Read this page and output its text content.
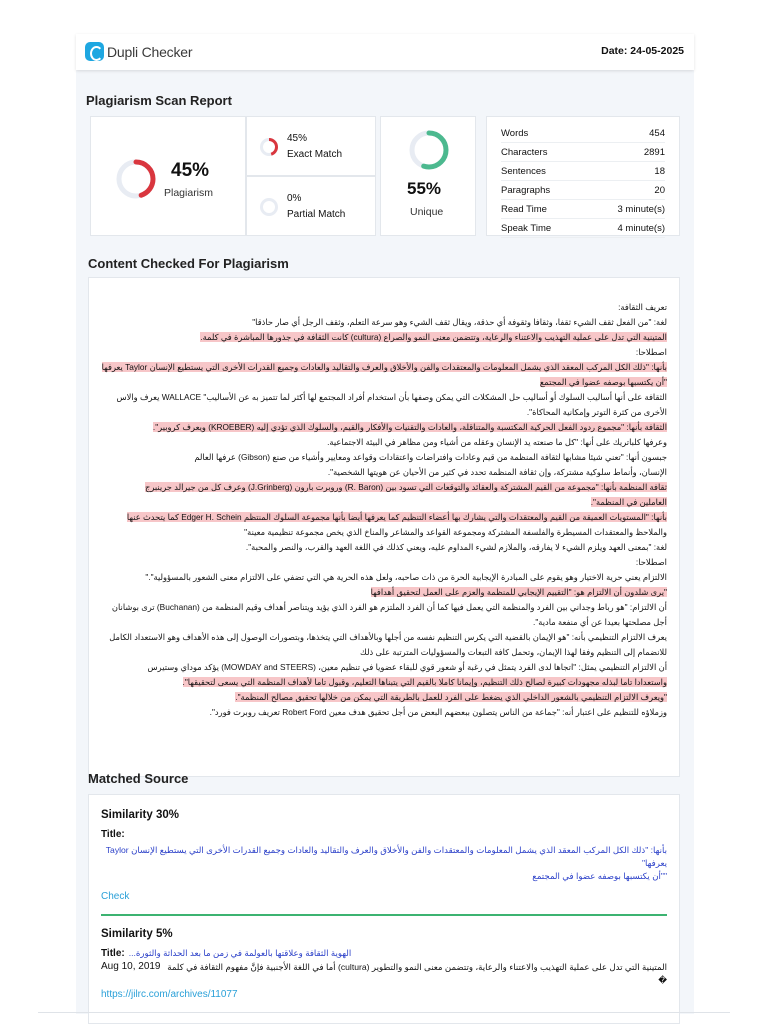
Dupli Checker	Date: 24-05-2025
Plagiarism Scan Report
45%
Plagiarism
45%
Exact Match
0%
Partial Match
55%
Unique
Words	454
Characters	2891
Sentences	18
Paragraphs	20
Read Time	3 minute(s)
Speak Time	4 minute(s)
Content Checked For Plagiarism
تعريف الثقافة:
لغة: "من الفعل ثقف الشيء ثقفا، وثقافا وثقوفة أي حذقة، ويقال ثقف الشيء وهو سرعة التعلم، وثقف الرجل أي صار حاذقا"
المتينية التي تدل على عملية التهذيب والاعتناء والرعاية، وتتضمن معنى النمو والصراع (cultura) كانت الثقافة في جذورها المباشرة في كلمة.
اصطلاحا:
بأنها: "ذلك الكل المركب المعقد الذي يشمل المعلومات والمعتقدات والفن والأخلاق والعرف والتقاليد والعادات وجميع القدرات الأخرى التي يستطيع الإنسان Taylor يعرفها
"أن يكتسبها بوصفه عضوا في المجتمع
الثقافة على أنها أساليب السلوك أو أساليب حل المشكلات التي يمكن وصفها بأن استخدام أفراد المجتمع لها أكثر لما تتميز به عن الأساليب" WALLACE يعرف والاس
الأخرى من كثرة التوتر وإمكانية المحاكاة".
الثقافة بأنها: "مجموع ردود الفعل الحركية المكتسبة والمتناقلة، والعادات والتقنيات والأفكار والقيم، والسلوك الذي تؤدي إليه (KROEBER) ويعرف كروبير".
وعرفها كلباتريك على أنها: "كل ما صنعته يد الإنسان وعقله من أشياء ومن مظاهر في البيئة الاجتماعية.
جبسون أنها: "تعني شيئا مشابها لثقافة المنظمة من قيم وعادات وافتراضات واعتقادات وقواعد ومعايير وأشياء من صنع (Gibson) عرفها العالم
الإنسان، وأنماط سلوكية مشتركة، وإن ثقافة المنظمة تحدد في كثير من الأحيان عن هويتها الشخصية".
ثقافة المنظمة بأنها: "مجموعة من القيم المشتركة والعقائد والتوقعات التي تسود بين (R. Baron) وروبرت بارون (J.Grinberg) وعرف كل من جيرالد جرينبرج
العاملين في المنظمة".
بأنها: "المستويات العميقة من القيم والمعتقدات والتي يشارك بها أعضاء التنظيم كما يعرفها أيضا بأنها مجموعة السلوك المنتظم Edger H. Schein كما يتحدث عنها
والملاحظ والمعتقدات المسيطرة والفلسفة المشتركة ومجموعة القواعد والمشاعر والمناخ الذي يخص مجموعة تنظيمية معينة"
لغة: "بمعنى العهد ويلزم الشيء لا يفارقه، والملازم لشيء المداوم عليه، ويعني كذلك في اللغة العهد والقرب، والنصر والمحبة".
اصطلاحا:
الالتزام يعني حرية الاختيار وهو يقوم على المبادرة الإيجابية الحرة من ذات صاحبه، ولعل هذه الحرية هي التي تضفي على الالتزام معنى الشعور بالمسؤولية"."
"يرى شلدون أن الالتزام هو: "التقييم الإيجابي للمنظمة والعزم على العمل لتحقيق أهدافها
أن الالتزام: "هو رباط وجداني بين الفرد والمنظمة التي يعمل فيها كما أن الفرد الملتزم هو الفرد الذي يؤيد ويتناصر أهداف وقيم المنظمة من (Buchanan) ترى بوشانان
أجل مصلحتها بعيدا عن أي منفعة مادية".
يعرف الالتزام التنظيمي بأنه: "هو الإيمان بالقضية التي يكرس التنظيم نفسه من أجلها وبالأهداف التي يتخذها، وبتصورات الوصول إلى هذه الأهداف وهو الاستعداد الكامل
للانضمام إلى التنظيم وفقا لهذا الإيمان، وتحمل كافة التبعات والمسؤوليات المترتبة على ذلك
أن الالتزام التنظيمي يمثل: "اتجاها لدى الفرد يتمثل في رغبة أو شعور قوي للبقاء عضويا في تنظيم معين، (MOWDAY and STEERS) يؤكد موداي وستيرس
واستعدادا تاما لبذله مجهودات كبيرة لصالح ذلك التنظيم، وإيمانا كاملا بالقيم التي يتبناها التعليم، وقبول تاما لأهداف المنظمة التي يسعى لتحقيقها".
"ويعرف الالتزام التنظيمي بالشعور الداخلي الذي يضغط على الفرد للعمل بالطريقة التي يمكن من خلالها تحقيق مصالح المنظمة".
وزملاؤه للتنظيم على اعتبار أنه: "جماعة من الناس يتصلون ببعضهم البعض من أجل تحقيق هدف معين Robert Ford تعريف روبرت فورد".
Matched Source
Similarity 30%
Title:
بأنها: "ذلك الكل المركب المعقد الذي يشمل المعلومات والمعتقدات والفن والأخلاق والعرف والتقاليد والعادات وجميع القدرات الأخرى التي يستطيع الإنسان Taylor يعرفها"
""أن يكتسبها بوصفه عضوا في المجتمع
Check
Similarity 5%
Title: الهوية الثقافة وعلاقتها بالعولمة في زمن ما بعد الحداثة والثورة...
Aug 10, 2019 المتينية التي تدل على عملية التهذيب والاعتناء والرعاية، وتتضمن معنى النمو والتطوير (cultura) أما في اللغة الأجنبية فإنَّ مفهوم الثقافة في كلمة �
https://jilrc.com/archives/11077
